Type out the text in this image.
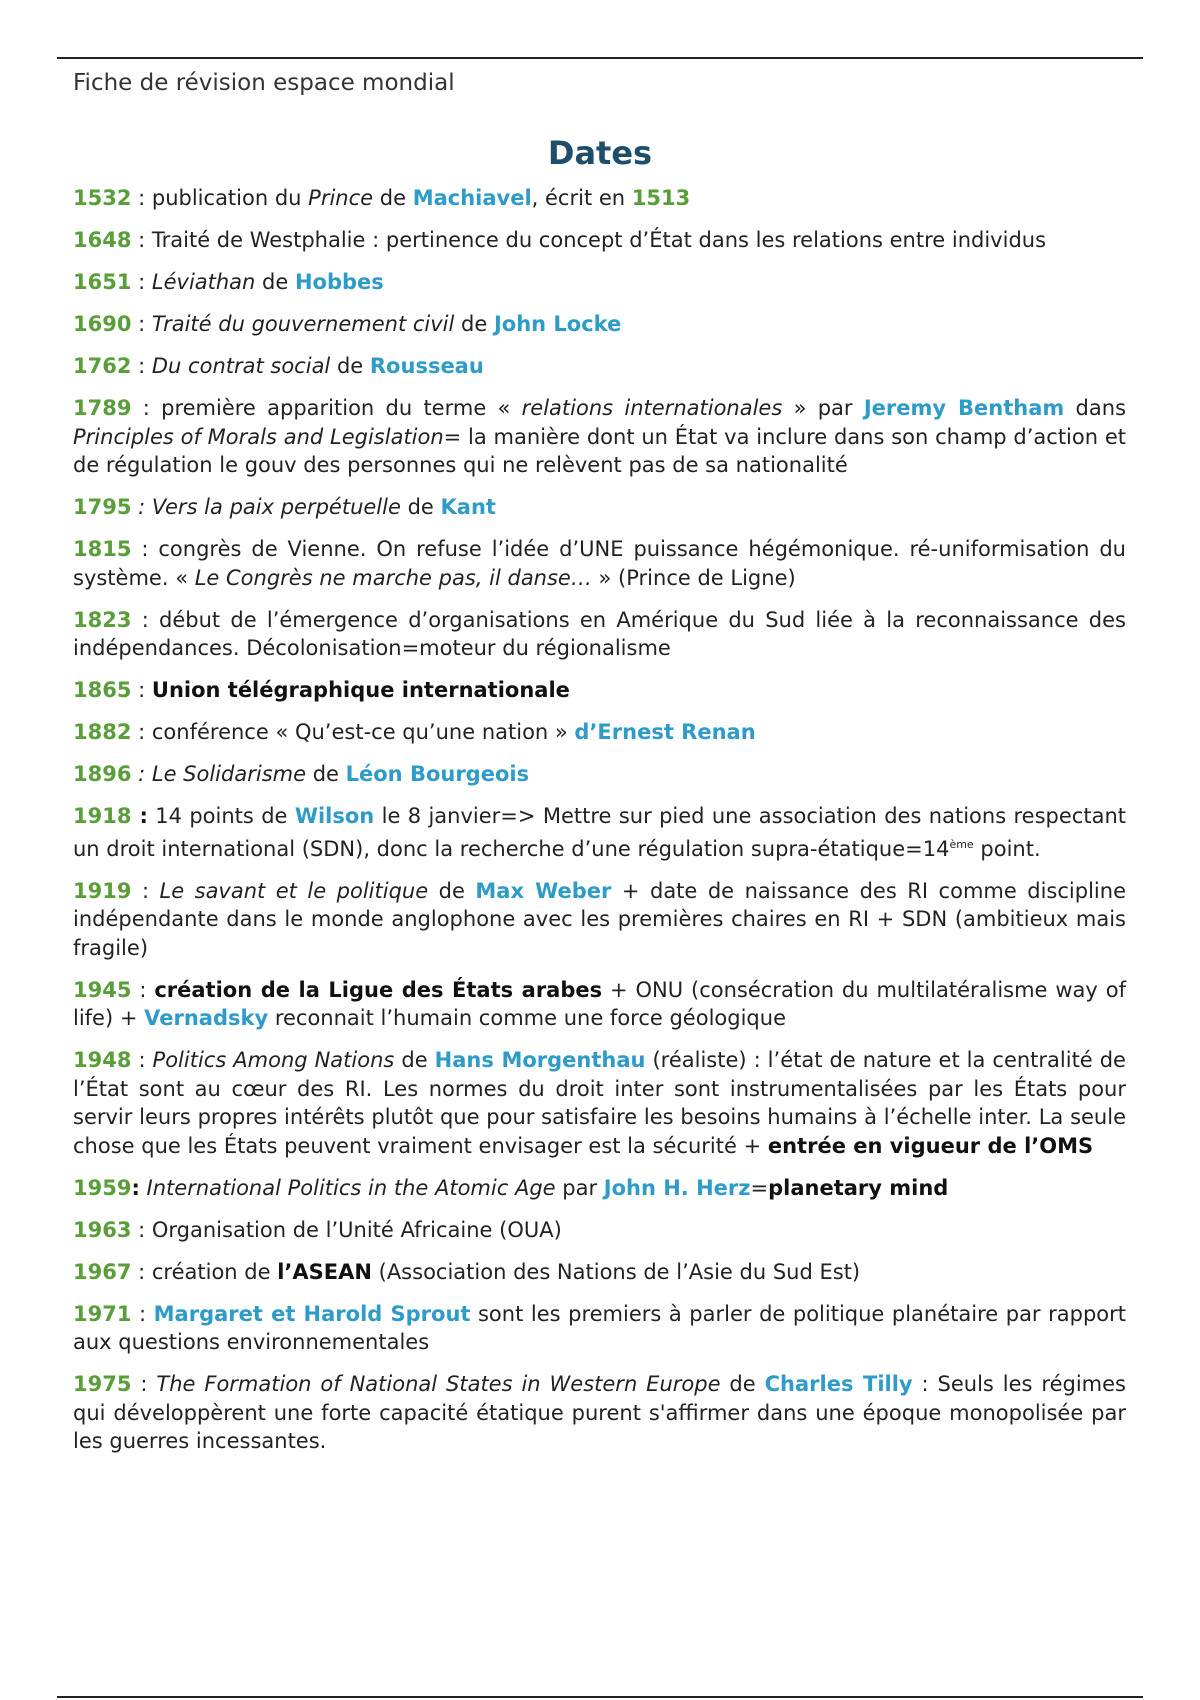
Fiche de révision espace mondial
Dates

1532 : publication du Prince de Machiavel, écrit en 1513

1648 : Traité de Westphalie : pertinence du concept d’État dans les relations entre individus

1651 : Léviathan de Hobbes

1690 : Traité du gouvernement civil de John Locke

1762 : Du contrat social de Rousseau

1789 : première apparition du terme « relations internationales » par Jeremy Bentham dans Principles of Morals and Legislation= la manière dont un État va inclure dans son champ d’action et de régulation le gouv des personnes qui ne relèvent pas de sa nationalité

1795 : Vers la paix perpétuelle de Kant

1815 : congrès de Vienne. On refuse l’idée d’UNE puissance hégémonique. ré-uniformisation du système. « Le Congrès ne marche pas, il danse… » (Prince de Ligne)

1823 : début de l’émergence d’organisations en Amérique du Sud liée à la reconnaissance des indépendances. Décolonisation=moteur du régionalisme

1865 : Union télégraphique internationale

1882 : conférence « Qu’est-ce qu’une nation » d’Ernest Renan

1896 : Le Solidarisme de Léon Bourgeois

1918 : 14 points de Wilson le 8 janvier=> Mettre sur pied une association des nations respectant un droit international (SDN), donc la recherche d’une régulation supra-étatique=14ème point.

1919 : Le savant et le politique de Max Weber + date de naissance des RI comme discipline indépendante dans le monde anglophone avec les premières chaires en RI + SDN (ambitieux mais fragile)

1945 : création de la Ligue des États arabes + ONU (consécration du multilatéralisme way of life) + Vernadsky reconnait l’humain comme une force géologique

1948 : Politics Among Nations de Hans Morgenthau (réaliste) : l’état de nature et la centralité de l’État sont au cœur des RI. Les normes du droit inter sont instrumentalisées par les États pour servir leurs propres intérêts plutôt que pour satisfaire les besoins humains à l’échelle inter. La seule chose que les États peuvent vraiment envisager est la sécurité + entrée en vigueur de l’OMS

1959: International Politics in the Atomic Age par John H. Herz=planetary mind

1963 : Organisation de l’Unité Africaine (OUA)

1967 : création de l’ASEAN (Association des Nations de l’Asie du Sud Est)

1971 : Margaret et Harold Sprout sont les premiers à parler de politique planétaire par rapport aux questions environnementales

1975 : The Formation of National States in Western Europe de Charles Tilly : Seuls les régimes qui développèrent une forte capacité étatique purent s'affirmer dans une époque monopolisée par les guerres incessantes.
